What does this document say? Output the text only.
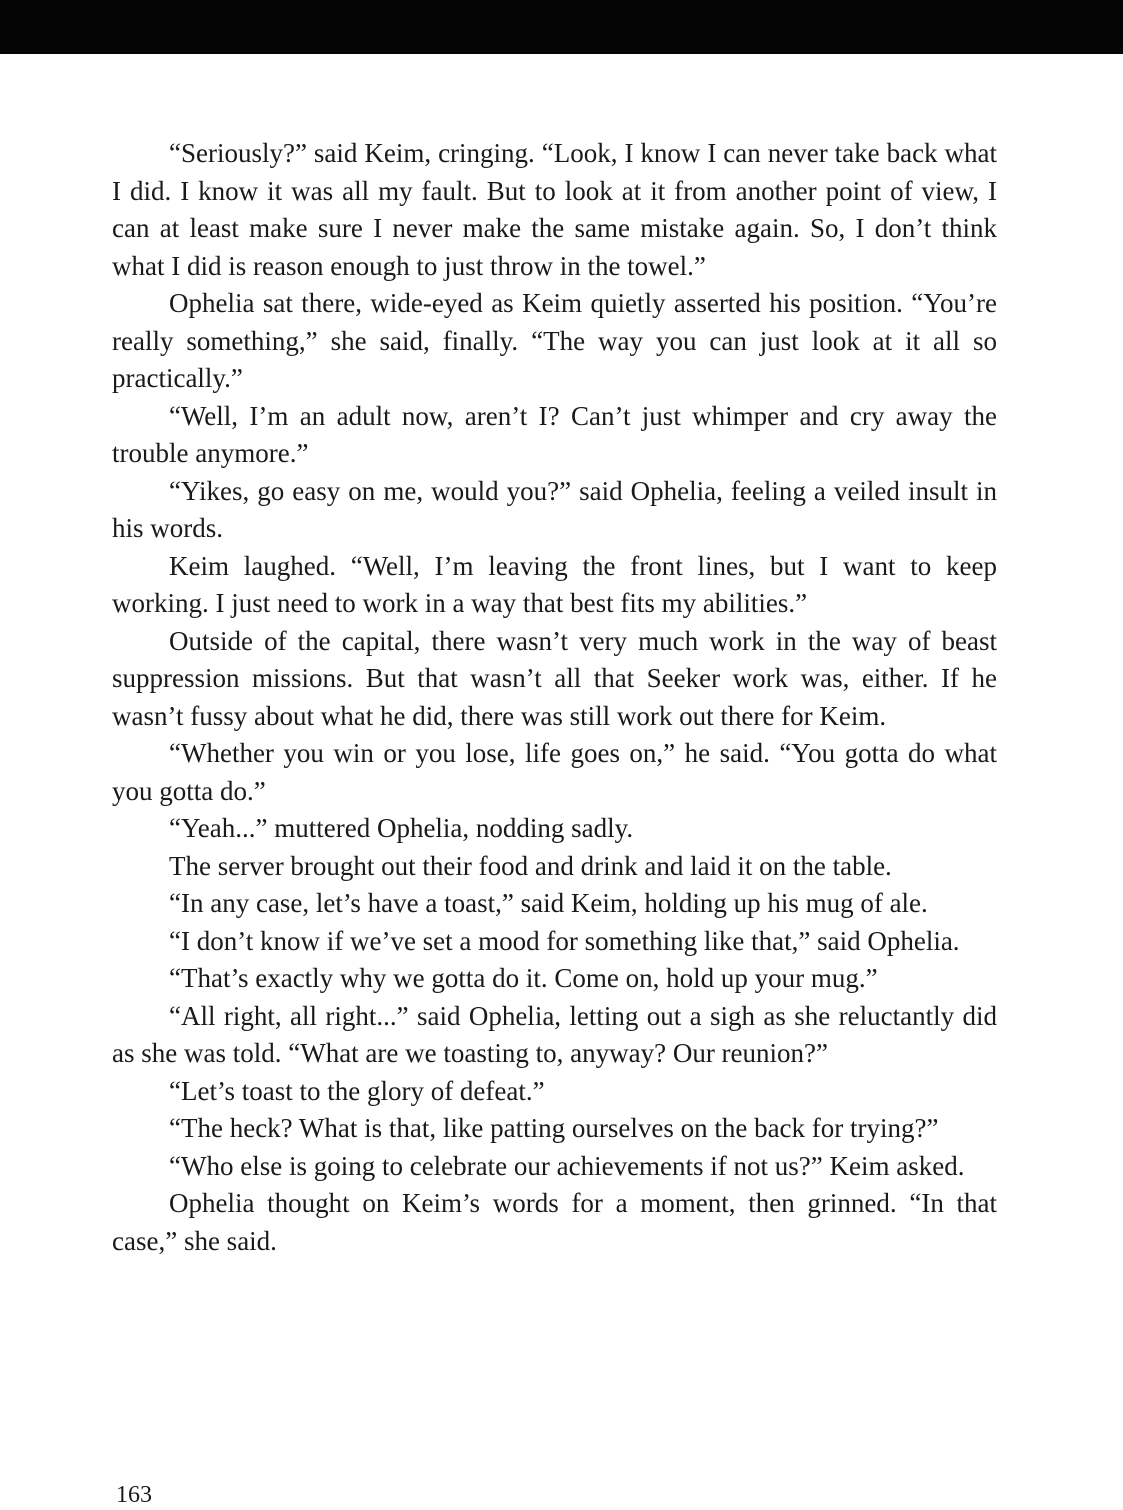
“Seriously?” said Keim, cringing. “Look, I know I can never take back what I did. I know it was all my fault. But to look at it from another point of view, I can at least make sure I never make the same mistake again. So, I don’t think what I did is reason enough to just throw in the towel.”

Ophelia sat there, wide-eyed as Keim quietly asserted his position. “You’re really something,” she said, finally. “The way you can just look at it all so practically.”

“Well, I’m an adult now, aren’t I? Can’t just whimper and cry away the trouble anymore.”

“Yikes, go easy on me, would you?” said Ophelia, feeling a veiled insult in his words.

Keim laughed. “Well, I’m leaving the front lines, but I want to keep working. I just need to work in a way that best fits my abilities.”

Outside of the capital, there wasn’t very much work in the way of beast suppression missions. But that wasn’t all that Seeker work was, either. If he wasn’t fussy about what he did, there was still work out there for Keim.

“Whether you win or you lose, life goes on,” he said. “You gotta do what you gotta do.”

“Yeah...” muttered Ophelia, nodding sadly.

The server brought out their food and drink and laid it on the table.

“In any case, let’s have a toast,” said Keim, holding up his mug of ale.

“I don’t know if we’ve set a mood for something like that,” said Ophelia.

“That’s exactly why we gotta do it. Come on, hold up your mug.”

“All right, all right...” said Ophelia, letting out a sigh as she reluctantly did as she was told. “What are we toasting to, anyway? Our reunion?”

“Let’s toast to the glory of defeat.”

“The heck? What is that, like patting ourselves on the back for trying?”

“Who else is going to celebrate our achievements if not us?” Keim asked.

Ophelia thought on Keim’s words for a moment, then grinned. “In that case,” she said.

163
